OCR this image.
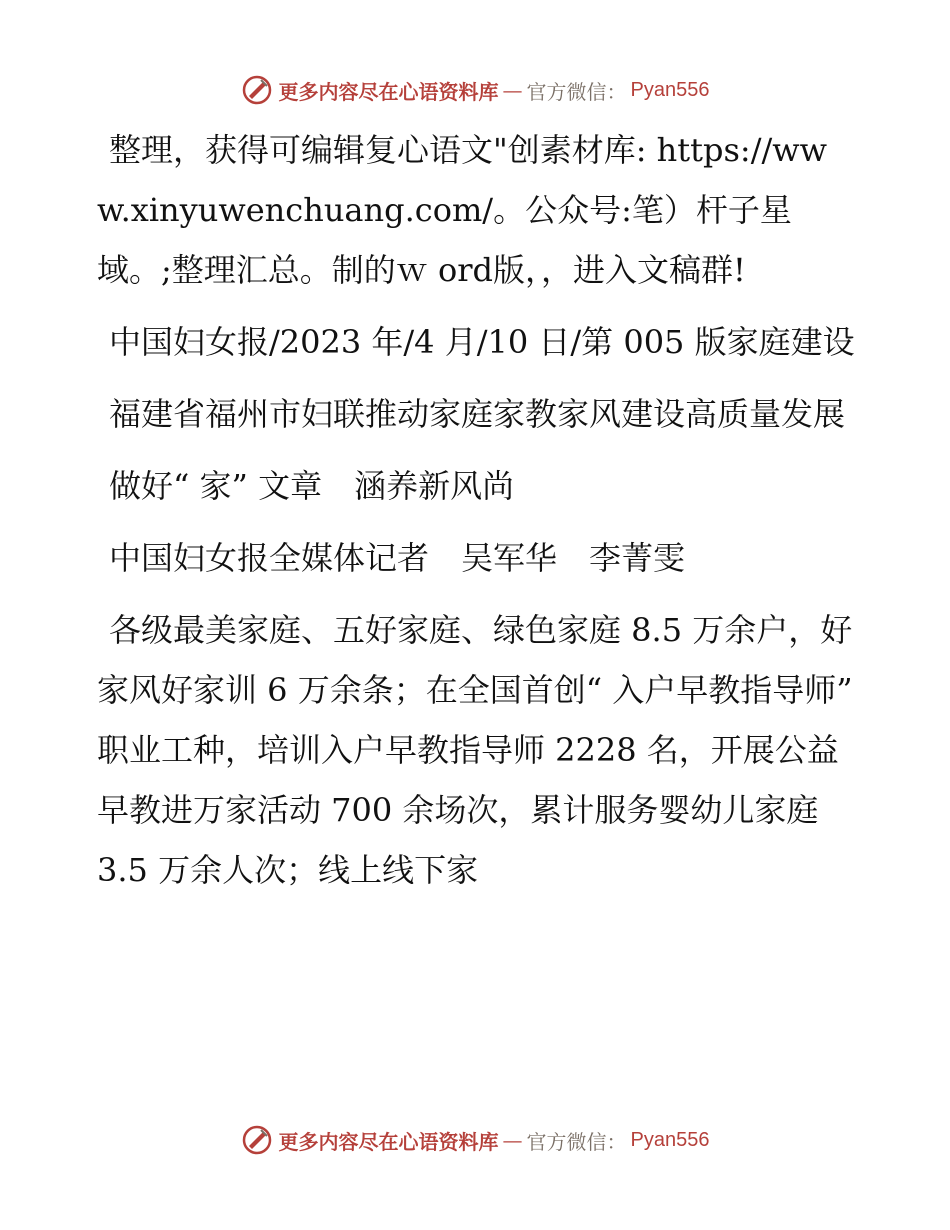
更多内容尽在心语资料库 — 官方微信： Pyan556

整理，获得可编辑复心语文"创素材库: https://www.xinyuwenchuang.com/。公众号:笔）杆子星域。;整理汇总。制的ｗ ord版，，进入文稿群!

中国妇女报/2023 年/4 月/10 日/第 005 版家庭建设

福建省福州市妇联推动家庭家教家风建设高质量发展

做好“ 家” 文章　涵养新风尚

中国妇女报全媒体记者　吴军华　李菁雯

各级最美家庭、五好家庭、绿色家庭 8.5 万余户，好家风好家训 6 万余条；在全国首创“ 入户早教指导师” 职业工种，培训入户早教指导师 2228 名，开展公益早教进万家活动 700 余场次，累计服务婴幼儿家庭 3.5 万余人次；线上线下家

更多内容尽在心语资料库 — 官方微信： Pyan556
